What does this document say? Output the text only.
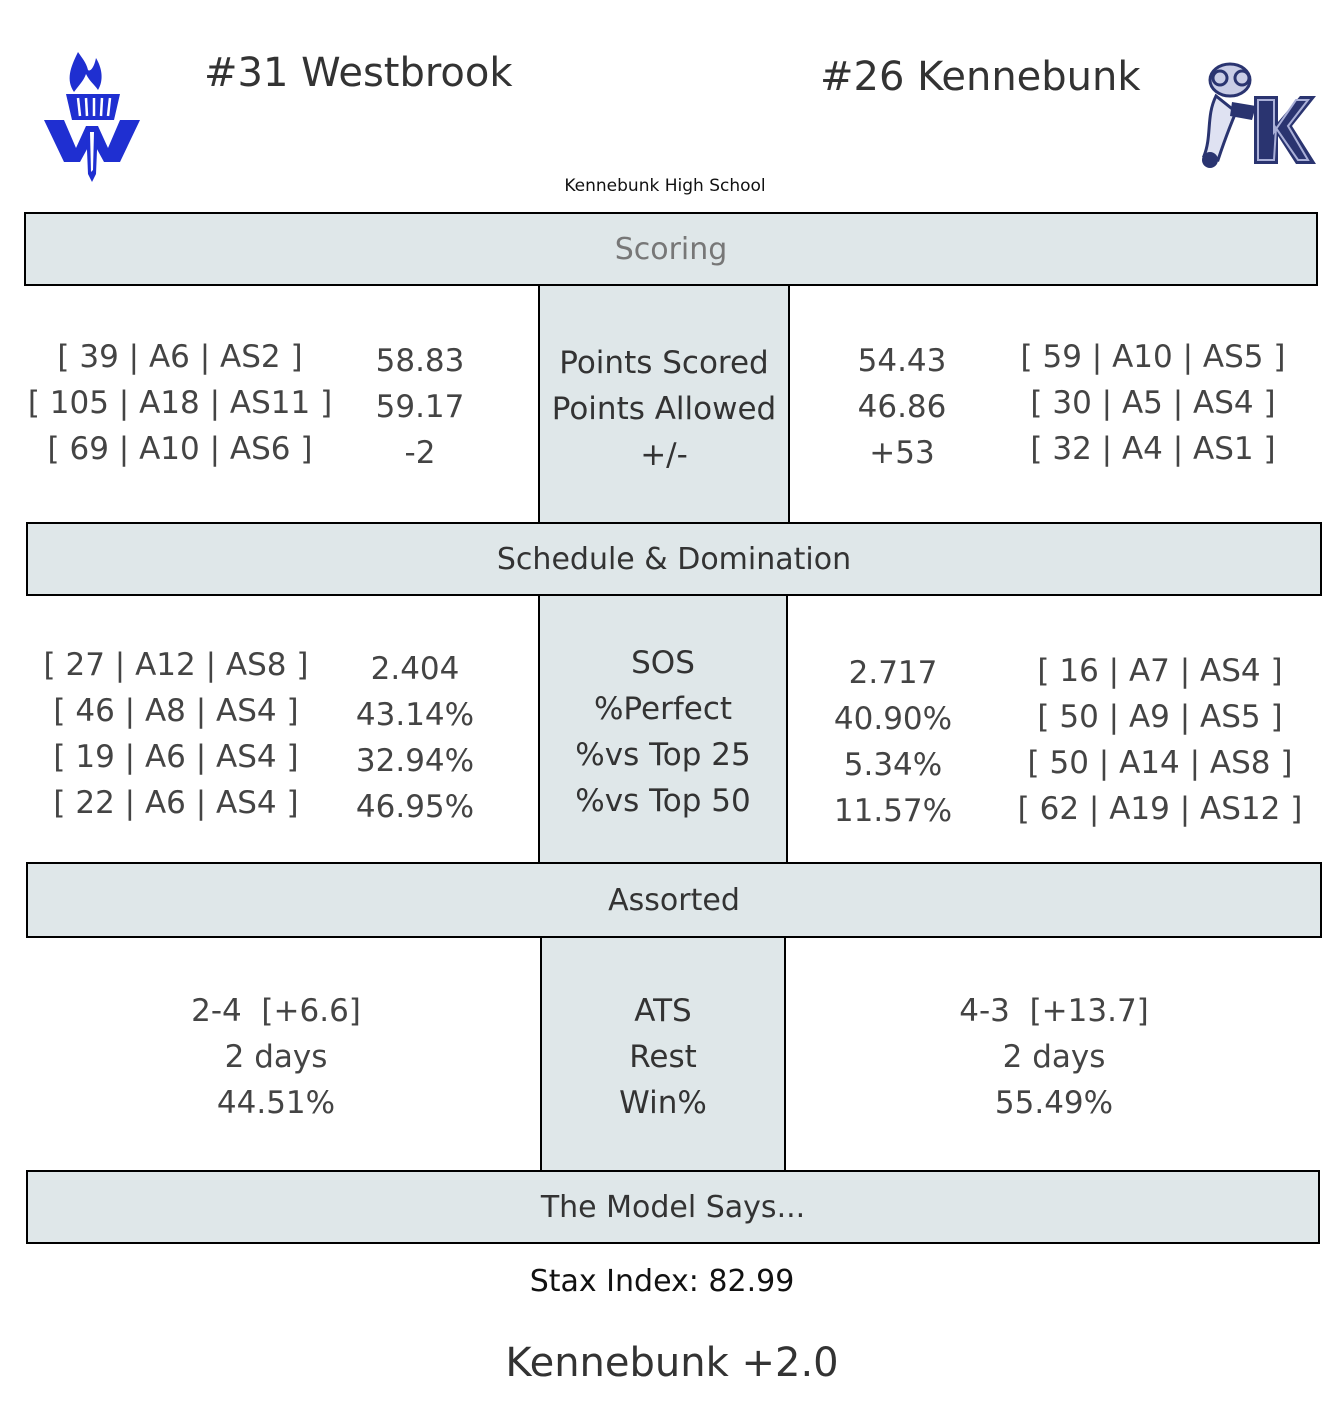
#31 Westbrook	#26 Kennebunk
Kennebunk High School
Scoring
[ 39 | A6 | AS2 ]
[ 105 | A18 | AS11 ]
[ 69 | A10 | AS6 ]
58.83
59.17
-2
Points Scored
Points Allowed
+/-
54.43
46.86
+53
[ 59 | A10 | AS5 ]
[ 30 | A5 | AS4 ]
[ 32 | A4 | AS1 ]
Schedule & Domination
[ 27 | A12 | AS8 ]
[ 46 | A8 | AS4 ]
[ 19 | A6 | AS4 ]
[ 22 | A6 | AS4 ]
2.404
43.14%
32.94%
46.95%
SOS
%Perfect
%vs Top 25
%vs Top 50
2.717
40.90%
5.34%
11.57%
[ 16 | A7 | AS4 ]
[ 50 | A9 | AS5 ]
[ 50 | A14 | AS8 ]
[ 62 | A19 | AS12 ]
Assorted
2-4  [+6.6]
2 days
44.51%
ATS
Rest
Win%
4-3  [+13.7]
2 days
55.49%
The Model Says...
Stax Index: 82.99
Kennebunk +2.0
